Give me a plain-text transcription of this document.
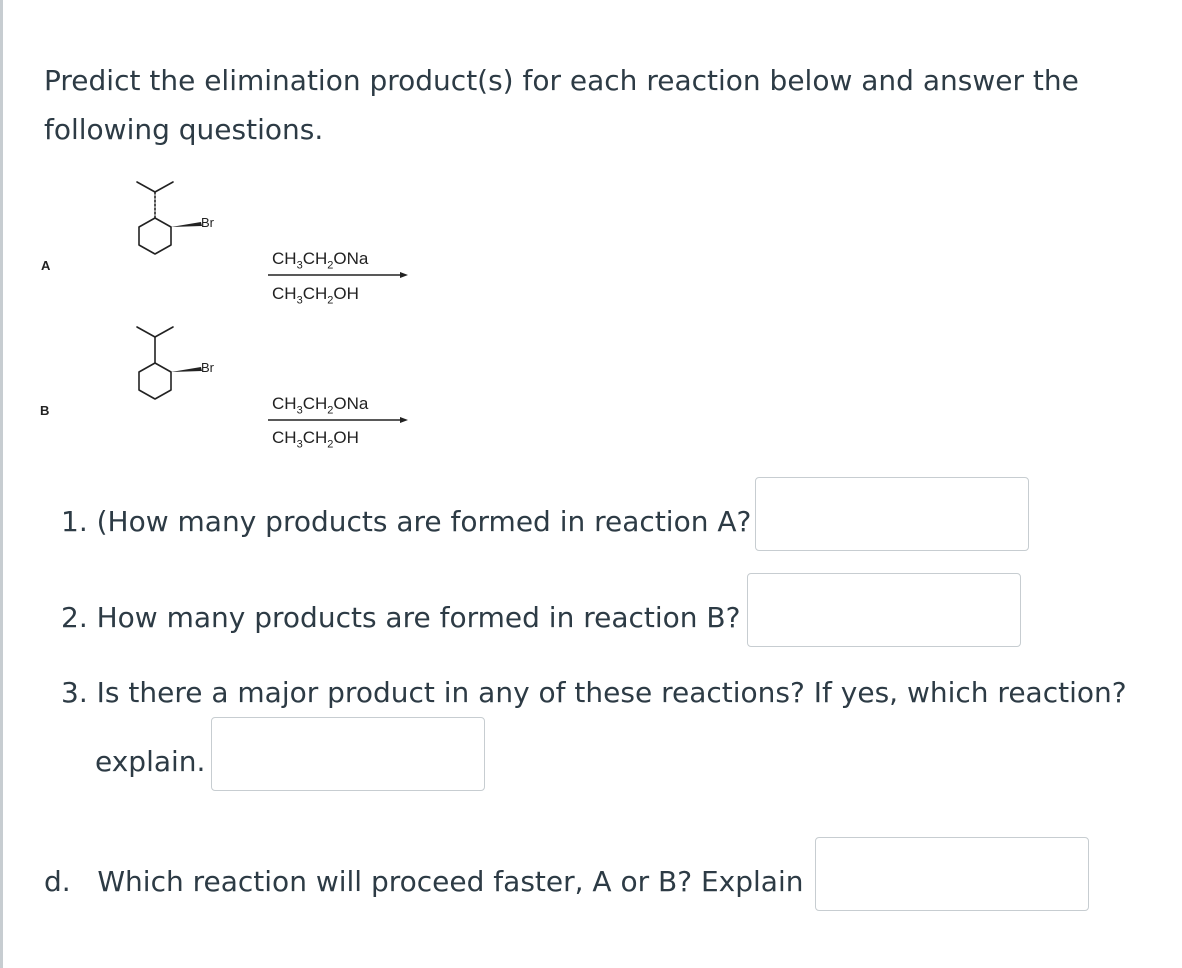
Predict the elimination product(s) for each reaction below and answer the following questions.
A
Br
$CH_3CH_2ONa$
$CH_3CH_2OH$
B
Br
$CH_3CH_2ONa$
$CH_3CH_2OH$
1. (How many products are formed in reaction A?
2. How many products are formed in reaction B?
3. Is there a major product in any of these reactions? If yes, which reaction?
explain.
d.   Which reaction will proceed faster, A or B? Explain
